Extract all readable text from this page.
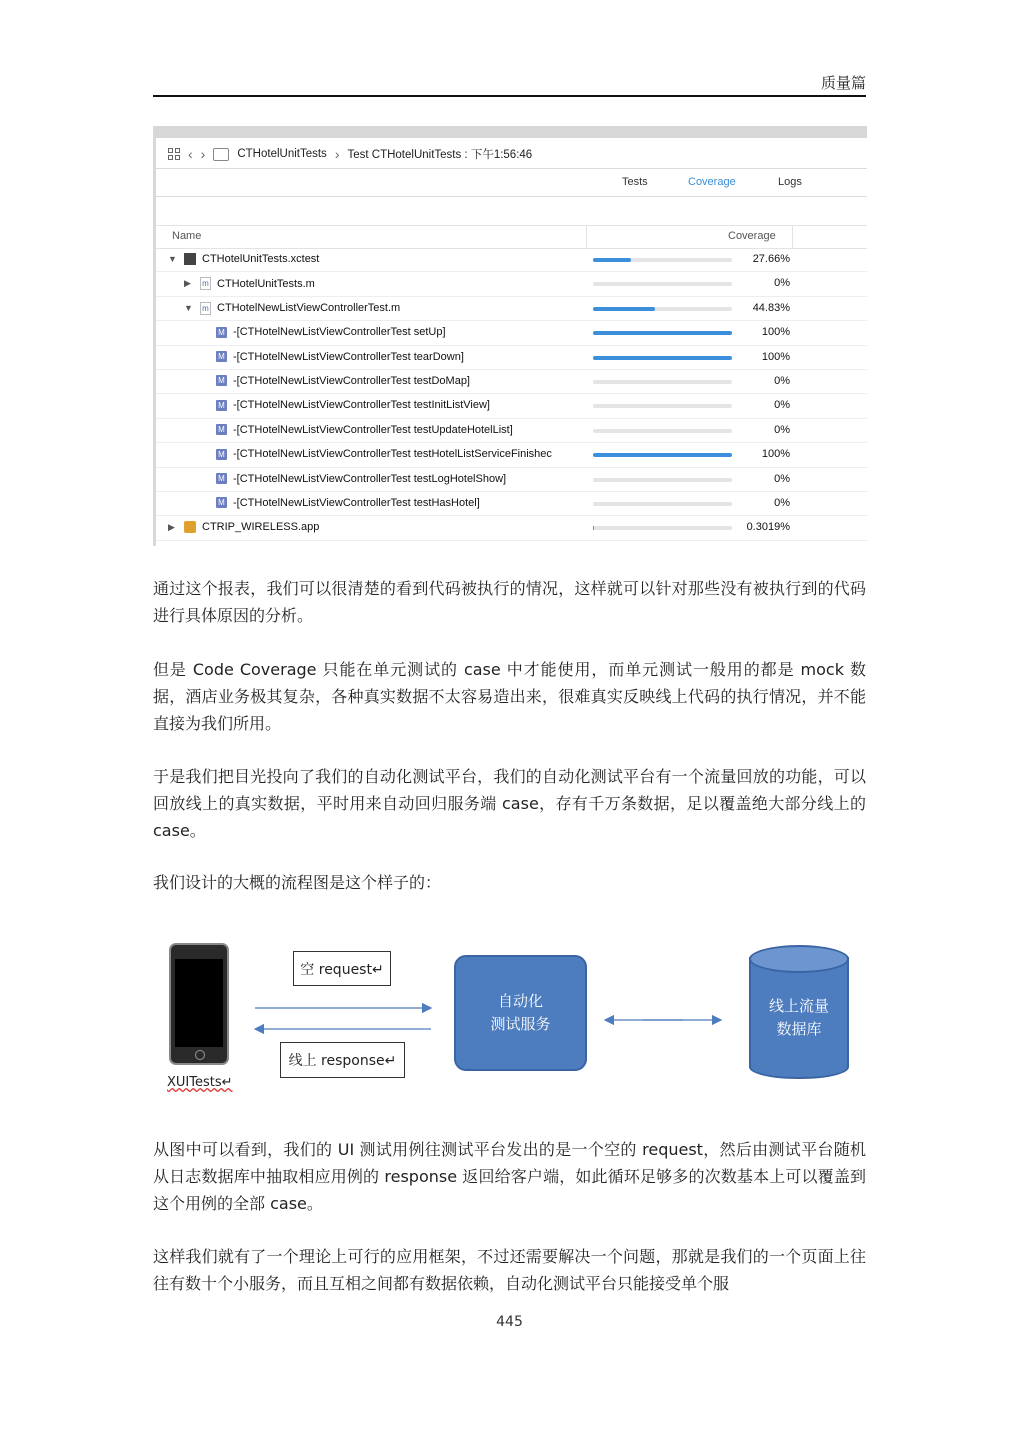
质量篇
‹ ›	CTHotelUnitTests › Test CTHotelUnitTests : 下午1:56:46
Tests	Coverage	Logs
Name	Coverage
▼ CTHotelUnitTests.xctest	27.66%
▶	m CTHotelUnitTests.m	0%
▼ m CTHotelNewListViewControllerTest.m	44.83%
M -[CTHotelNewListViewControllerTest setUp]	100%
M -[CTHotelNewListViewControllerTest tearDown]	100%
M -[CTHotelNewListViewControllerTest testDoMap]	0%
M -[CTHotelNewListViewControllerTest testInitListView]	0%
M -[CTHotelNewListViewControllerTest testUpdateHotelList]	0%
M -[CTHotelNewListViewControllerTest testHotelListServiceFinishec	100%
M -[CTHotelNewListViewControllerTest testLogHotelShow]	0%
M -[CTHotelNewListViewControllerTest testHasHotel]	0%
▶ CTRIP_WIRELESS.app	0.3019%
通过这个报表，我们可以很清楚的看到代码被执行的情况，这样就可以针对那些没有被执行到的代码进行具体原因的分析。
但是 Code Coverage 只能在单元测试的 case 中才能使用，而单元测试一般用的都是 mock 数据，酒店业务极其复杂，各种真实数据不太容易造出来，很难真实反映线上代码的执行情况，并不能直接为我们所用。
于是我们把目光投向了我们的自动化测试平台，我们的自动化测试平台有一个流量回放的功能，可以回放线上的真实数据，平时用来自动回归服务端 case，存有千万条数据，足以覆盖绝大部分线上的 case。
我们设计的大概的流程图是这个样子的：
XUITests↵
空 request↵
线上 response↵
自动化
测试服务
线上流量
数据库
从图中可以看到，我们的 UI 测试用例往测试平台发出的是一个空的 request，然后由测试平台随机从日志数据库中抽取相应用例的 response 返回给客户端，如此循环足够多的次数基本上可以覆盖到这个用例的全部 case。
这样我们就有了一个理论上可行的应用框架，不过还需要解决一个问题，那就是我们的一个页面上往往有数十个小服务，而且互相之间都有数据依赖，自动化测试平台只能接受单个服
445
